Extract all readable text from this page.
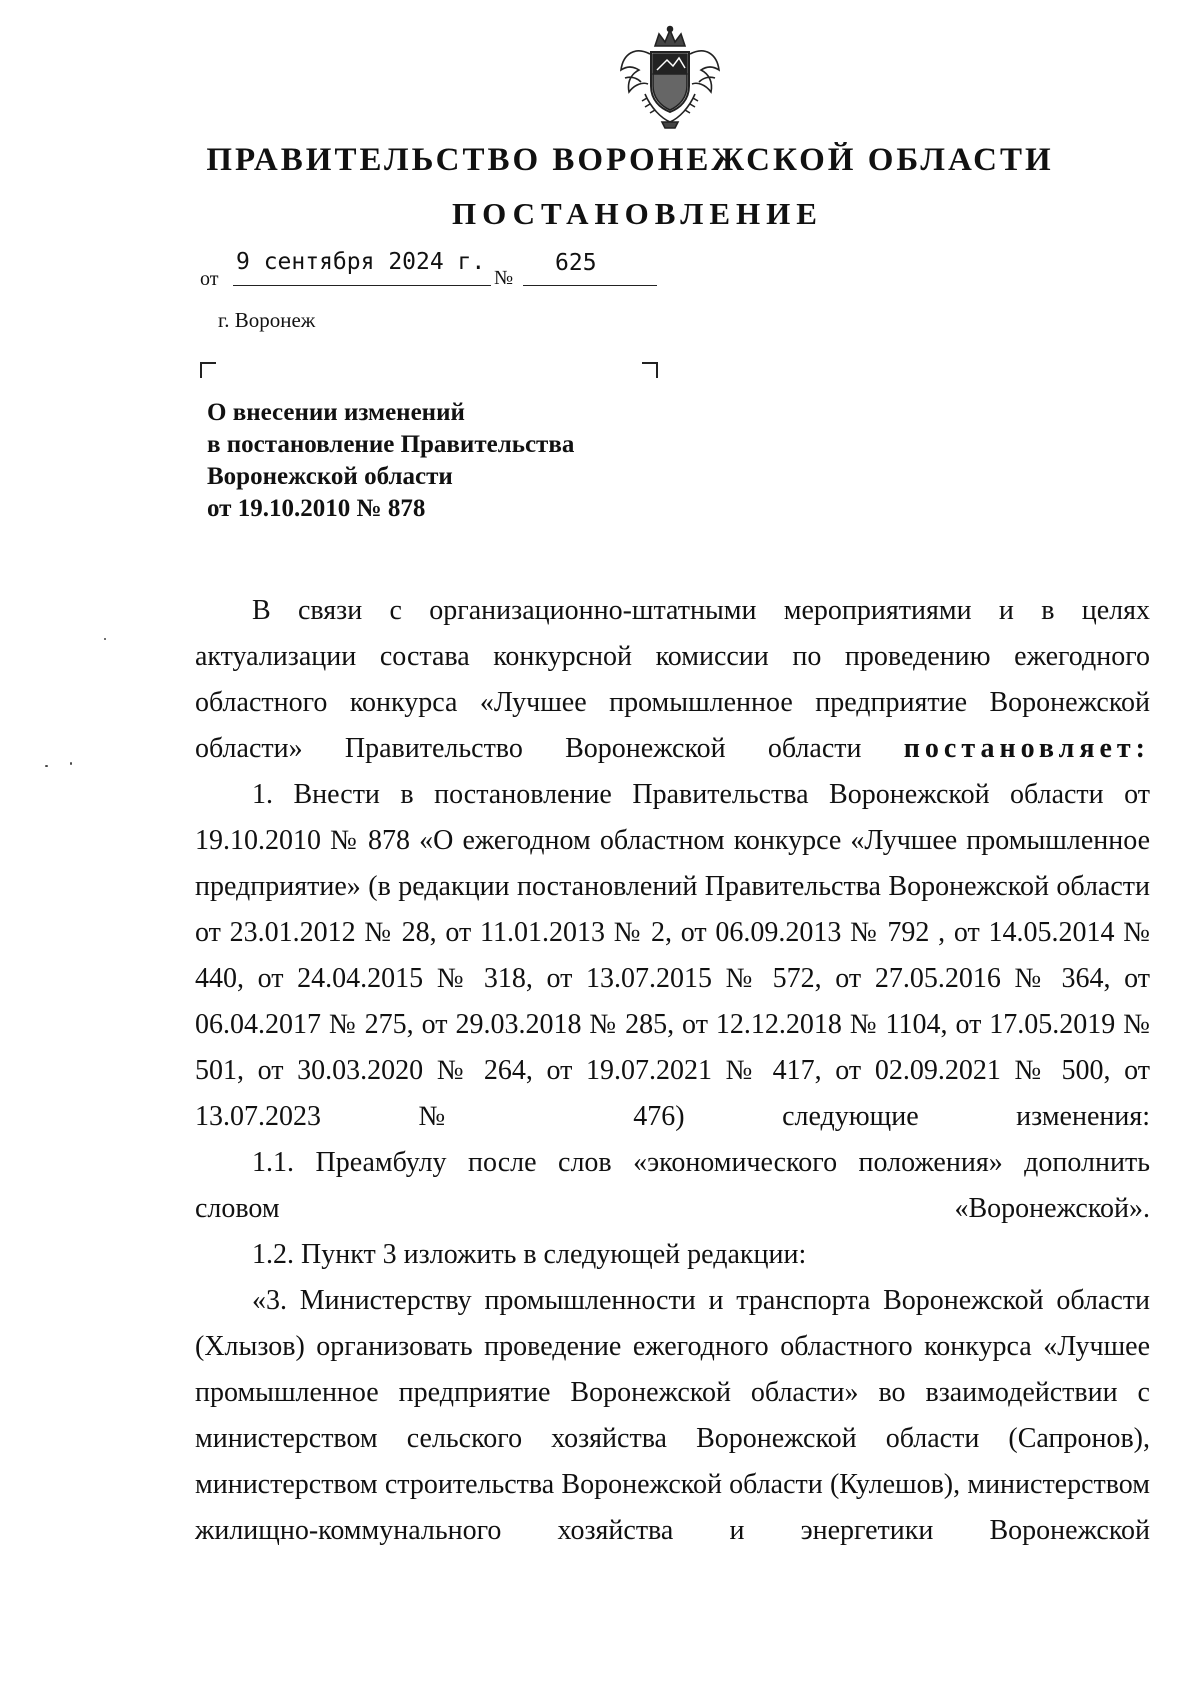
ПРАВИТЕЛЬСТВО ВОРОНЕЖСКОЙ ОБЛАСТИ
ПОСТАНОВЛЕНИЕ
от
9 сентября 2024 г.
№
625
г. Воронеж
О внесении изменений
в постановление Правительства
Воронежской области
от 19.10.2010 № 878

В связи с организационно-штатными мероприятиями и в целях актуализации состава конкурсной комиссии по проведению ежегодного областного конкурса «Лучшее промышленное предприятие Воронежской области» Правительство Воронежской области постановляет:

1. Внести в постановление Правительства Воронежской области от 19.10.2010 № 878 «О ежегодном областном конкурсе «Лучшее промышленное предприятие» (в редакции постановлений Правительства Воронежской области от 23.01.2012 № 28, от 11.01.2013 № 2, от 06.09.2013 № 792 , от 14.05.2014 № 440, от 24.04.2015 № 318, от 13.07.2015 № 572, от 27.05.2016 № 364, от 06.04.2017 № 275, от 29.03.2018 № 285, от 12.12.2018 № 1104, от 17.05.2019 № 501, от 30.03.2020 № 264, от 19.07.2021 № 417, от 02.09.2021 № 500, от 13.07.2023 № 476) следующие изменения:

1.1. Преамбулу после слов «экономического положения» дополнить словом «Воронежской».

1.2. Пункт 3 изложить в следующей редакции:

«3. Министерству промышленности и транспорта Воронежской области (Хлызов) организовать проведение ежегодного областного конкурса «Лучшее промышленное предприятие Воронежской области» во взаимодействии с министерством сельского хозяйства Воронежской области (Сапронов), министерством строительства Воронежской области (Кулешов), министерством жилищно-коммунального хозяйства и энергетики Воронежской
